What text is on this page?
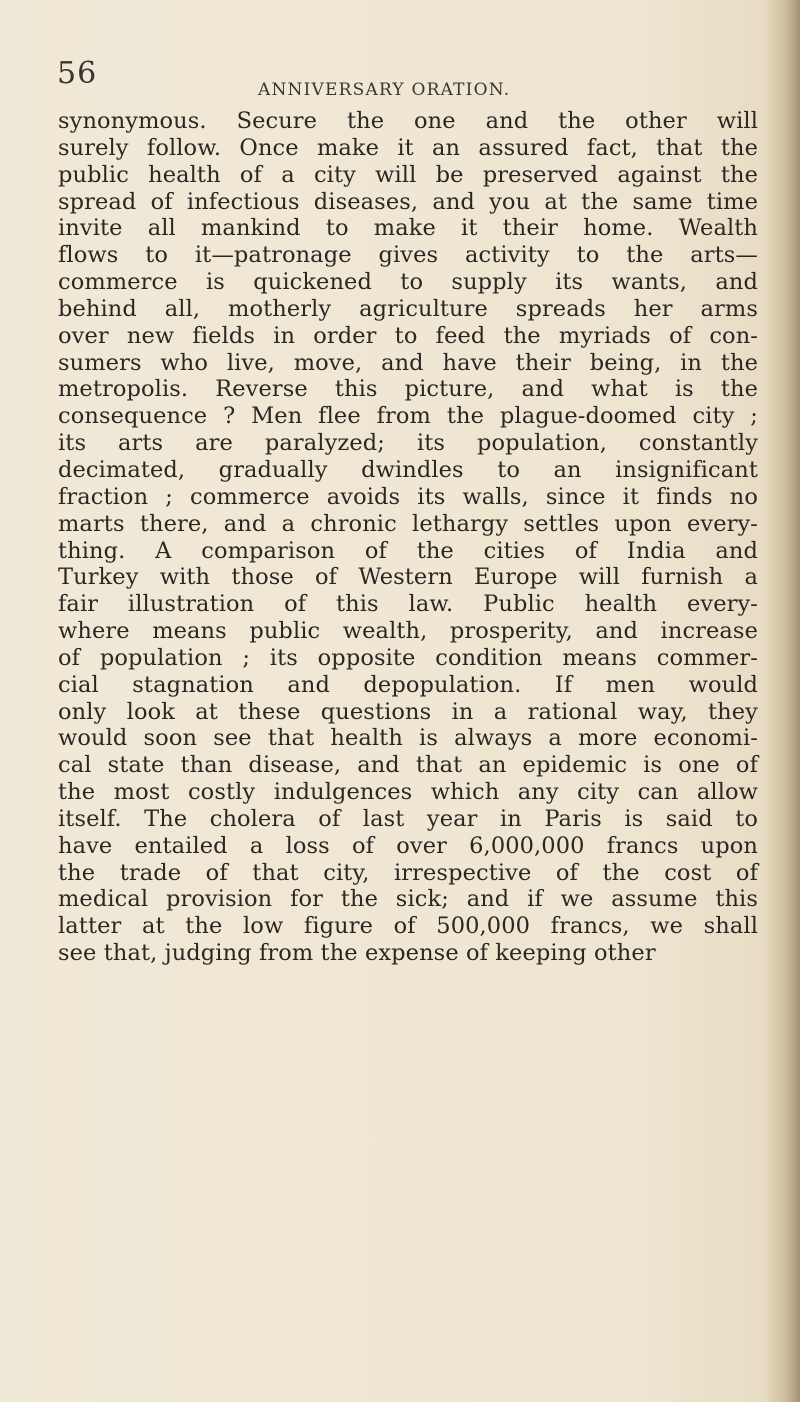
56	ANNIVERSARY ORATION.
synonymous. Secure the one and the other will
surely follow. Once make it an assured fact, that the
public health of a city will be preserved against the
spread of infectious diseases, and you at the same time
invite all mankind to make it their home. Wealth
flows to it—patronage gives activity to the arts—
commerce is quickened to supply its wants, and
behind all, motherly agriculture spreads her arms
over new fields in order to feed the myriads of con-
sumers who live, move, and have their being, in the
metropolis. Reverse this picture, and what is the
consequence ? Men flee from the plague-doomed city ;
its arts are paralyzed; its population, constantly
decimated, gradually dwindles to an insignificant
fraction ; commerce avoids its walls, since it finds no
marts there, and a chronic lethargy settles upon every-
thing. A comparison of the cities of India and
Turkey with those of Western Europe will furnish a
fair illustration of this law. Public health every-
where means public wealth, prosperity, and increase
of population ; its opposite condition means commer-
cial stagnation and depopulation. If men would
only look at these questions in a rational way, they
would soon see that health is always a more economi-
cal state than disease, and that an epidemic is one of
the most costly indulgences which any city can allow
itself. The cholera of last year in Paris is said to
have entailed a loss of over 6,000,000 francs upon
the trade of that city, irrespective of the cost of
medical provision for the sick; and if we assume this
latter at the low figure of 500,000 francs, we shall
see that, judging from the expense of keeping other
